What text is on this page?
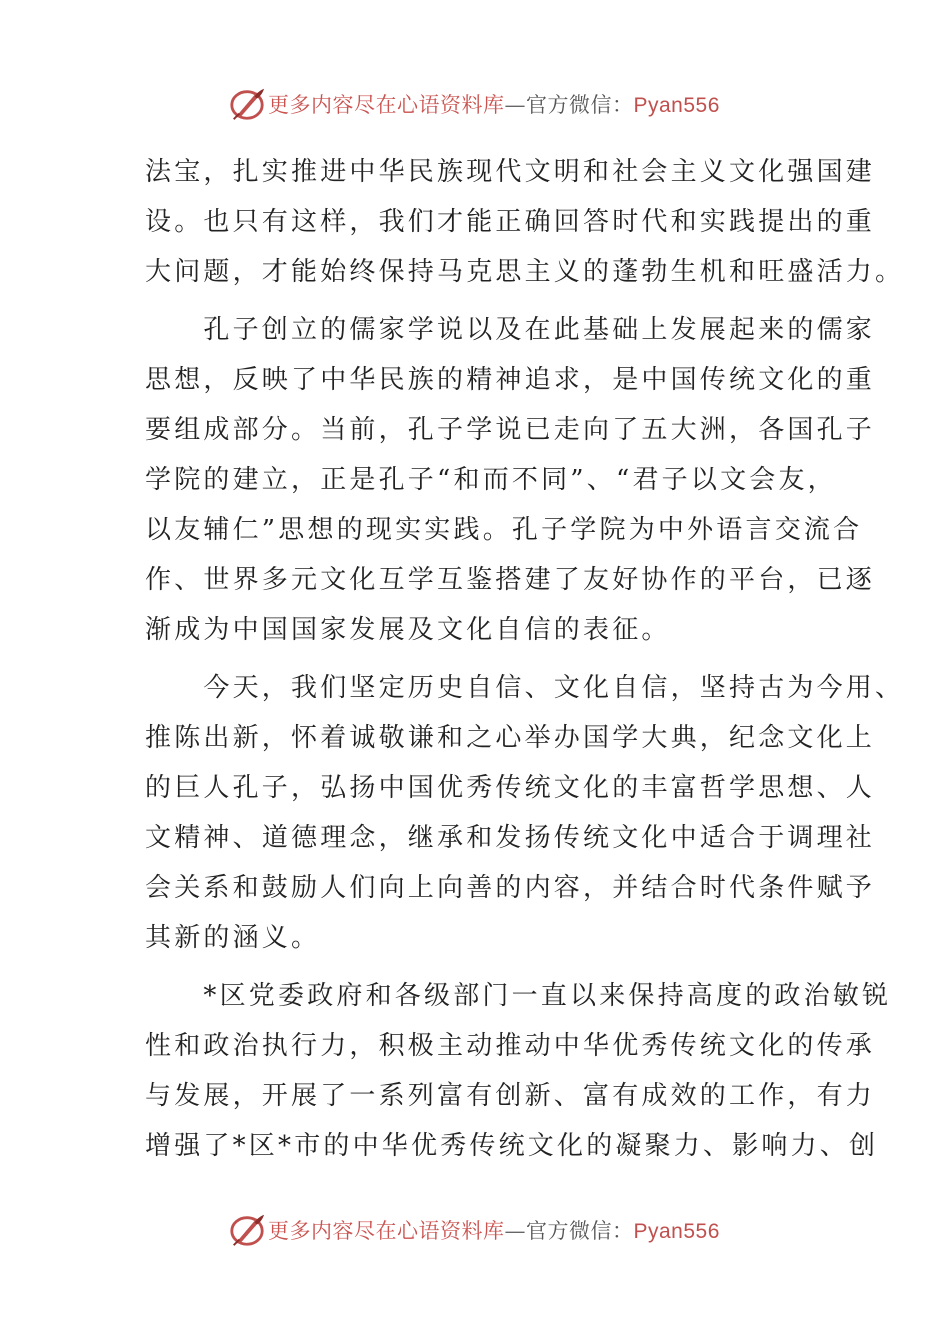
更多内容尽在心语资料库—官方微信：Pyan556
法宝，扎实推进中华民族现代文明和社会主义文化强国建
设。也只有这样，我们才能正确回答时代和实践提出的重
大问题，才能始终保持马克思主义的蓬勃生机和旺盛活力。
　　孔子创立的儒家学说以及在此基础上发展起来的儒家
思想，反映了中华民族的精神追求，是中国传统文化的重
要组成部分。当前，孔子学说已走向了五大洲，各国孔子
学院的建立，正是孔子“和而不同”、“君子以文会友，
以友辅仁”思想的现实实践。孔子学院为中外语言交流合
作、世界多元文化互学互鉴搭建了友好协作的平台，已逐
渐成为中国国家发展及文化自信的表征。
　　今天，我们坚定历史自信、文化自信，坚持古为今用、
推陈出新，怀着诚敬谦和之心举办国学大典，纪念文化上
的巨人孔子，弘扬中国优秀传统文化的丰富哲学思想、人
文精神、道德理念，继承和发扬传统文化中适合于调理社
会关系和鼓励人们向上向善的内容，并结合时代条件赋予
其新的涵义。
　　*区党委政府和各级部门一直以来保持高度的政治敏锐
性和政治执行力，积极主动推动中华优秀传统文化的传承
与发展，开展了一系列富有创新、富有成效的工作，有力
增强了*区*市的中华优秀传统文化的凝聚力、影响力、创
更多内容尽在心语资料库—官方微信：Pyan556
